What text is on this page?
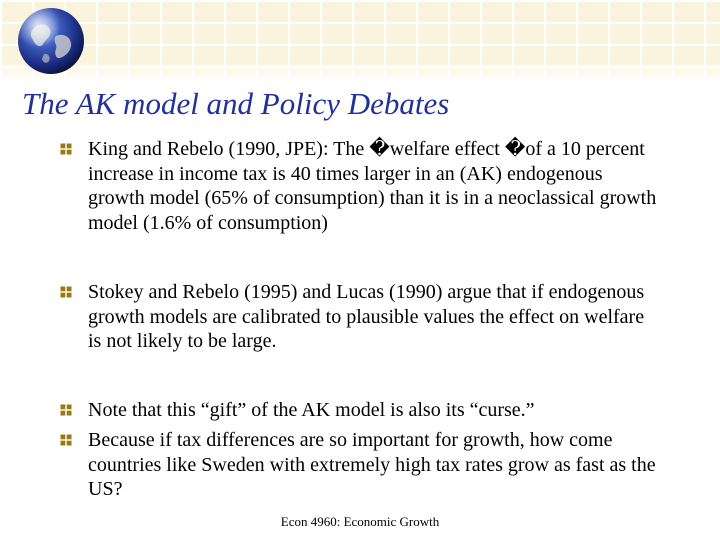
The AK model and Policy Debates
King and Rebelo (1990, JPE): The �welfare effect �of a 10 percent increase in income tax is 40 times larger in an (AK) endogenous growth model (65% of consumption) than it is in a neoclassical growth model (1.6% of consumption)
Stokey and Rebelo (1995) and Lucas (1990) argue that if endogenous growth models are calibrated to plausible values the effect on welfare is not likely to be large.
Note that this “gift” of the AK model is also its “curse.”
Because if tax differences are so important for growth, how come countries like Sweden with extremely high tax rates grow as fast as the US?
Econ 4960: Economic Growth
